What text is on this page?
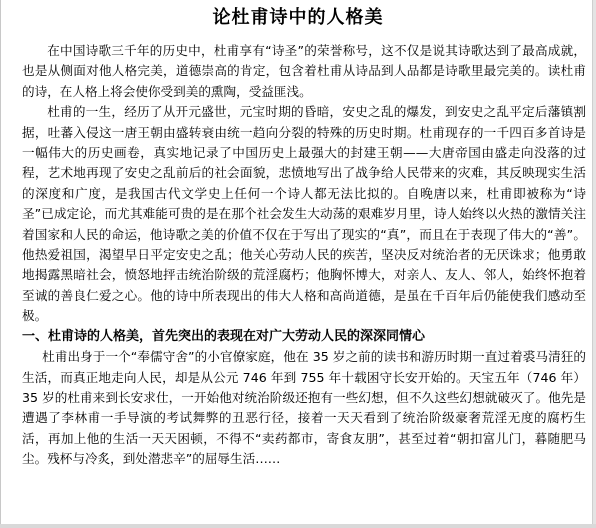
论杜甫诗中的人格美

在中国诗歌三千年的历史中，杜甫享有“诗圣”的荣誉称号，这不仅是说其诗歌达到了最高成就，也是从侧面对他人格完美，道德崇高的肯定，包含着杜甫从诗品到人品都是诗歌里最完美的。读杜甫的诗，在人格上将会使你受到美的熏陶，受益匪浅。

杜甫的一生，经历了从开元盛世，元宝时期的昏暗，安史之乱的爆发，到安史之乱平定后藩镇割据，吐蕃入侵这一唐王朝由盛转衰由统一趋向分裂的特殊的历史时期。杜甫现存的一千四百多首诗是一幅伟大的历史画卷，真实地记录了中国历史上最强大的封建王朝——大唐帝国由盛走向没落的过程，艺术地再现了安史之乱前后的社会面貌，悲愤地写出了战争给人民带来的灾难，其反映现实生活的深度和广度，是我国古代文学史上任何一个诗人都无法比拟的。自晚唐以来，杜甫即被称为“诗圣”已成定论，而尤其难能可贵的是在那个社会发生大动荡的艰难岁月里，诗人始终以火热的激情关注着国家和人民的命运，他诗歌之美的价值不仅在于写出了现实的“真”，而且在于表现了伟大的“善”。他热爱祖国，渴望早日平定安史之乱；他关心劳动人民的疾苦，坚决反对统治者的无厌诛求；他勇敢地揭露黑暗社会，愤怒地抨击统治阶级的荒淫腐朽；他胸怀博大，对亲人、友人、邻人，始终怀抱着至诚的善良仁爱之心。他的诗中所表现出的伟大人格和高尚道德，是虽在千百年后仍能使我们感动至极。

一、杜甫诗的人格美，首先突出的表现在对广大劳动人民的深深同情心

杜甫出身于一个“奉儒守舍”的小官僚家庭，他在 35 岁之前的读书和游历时期一直过着裘马清狂的生活，而真正地走向人民，却是从公元 746 年到 755 年十载困守长安开始的。天宝五年（746 年）35 岁的杜甫来到长安求仕，一开始他对统治阶级还抱有一些幻想，但不久这些幻想就破灭了。他先是遭遇了李林甫一手导演的考试舞弊的丑恶行径，接着一天天看到了统治阶级豪奢荒淫无度的腐朽生活，再加上他的生活一天天困顿，不得不“卖药都市，寄食友朋”，甚至过着“朝扣富儿门，暮随肥马尘。残杯与冷炙，到处潜悲辛”的屈辱生活……
